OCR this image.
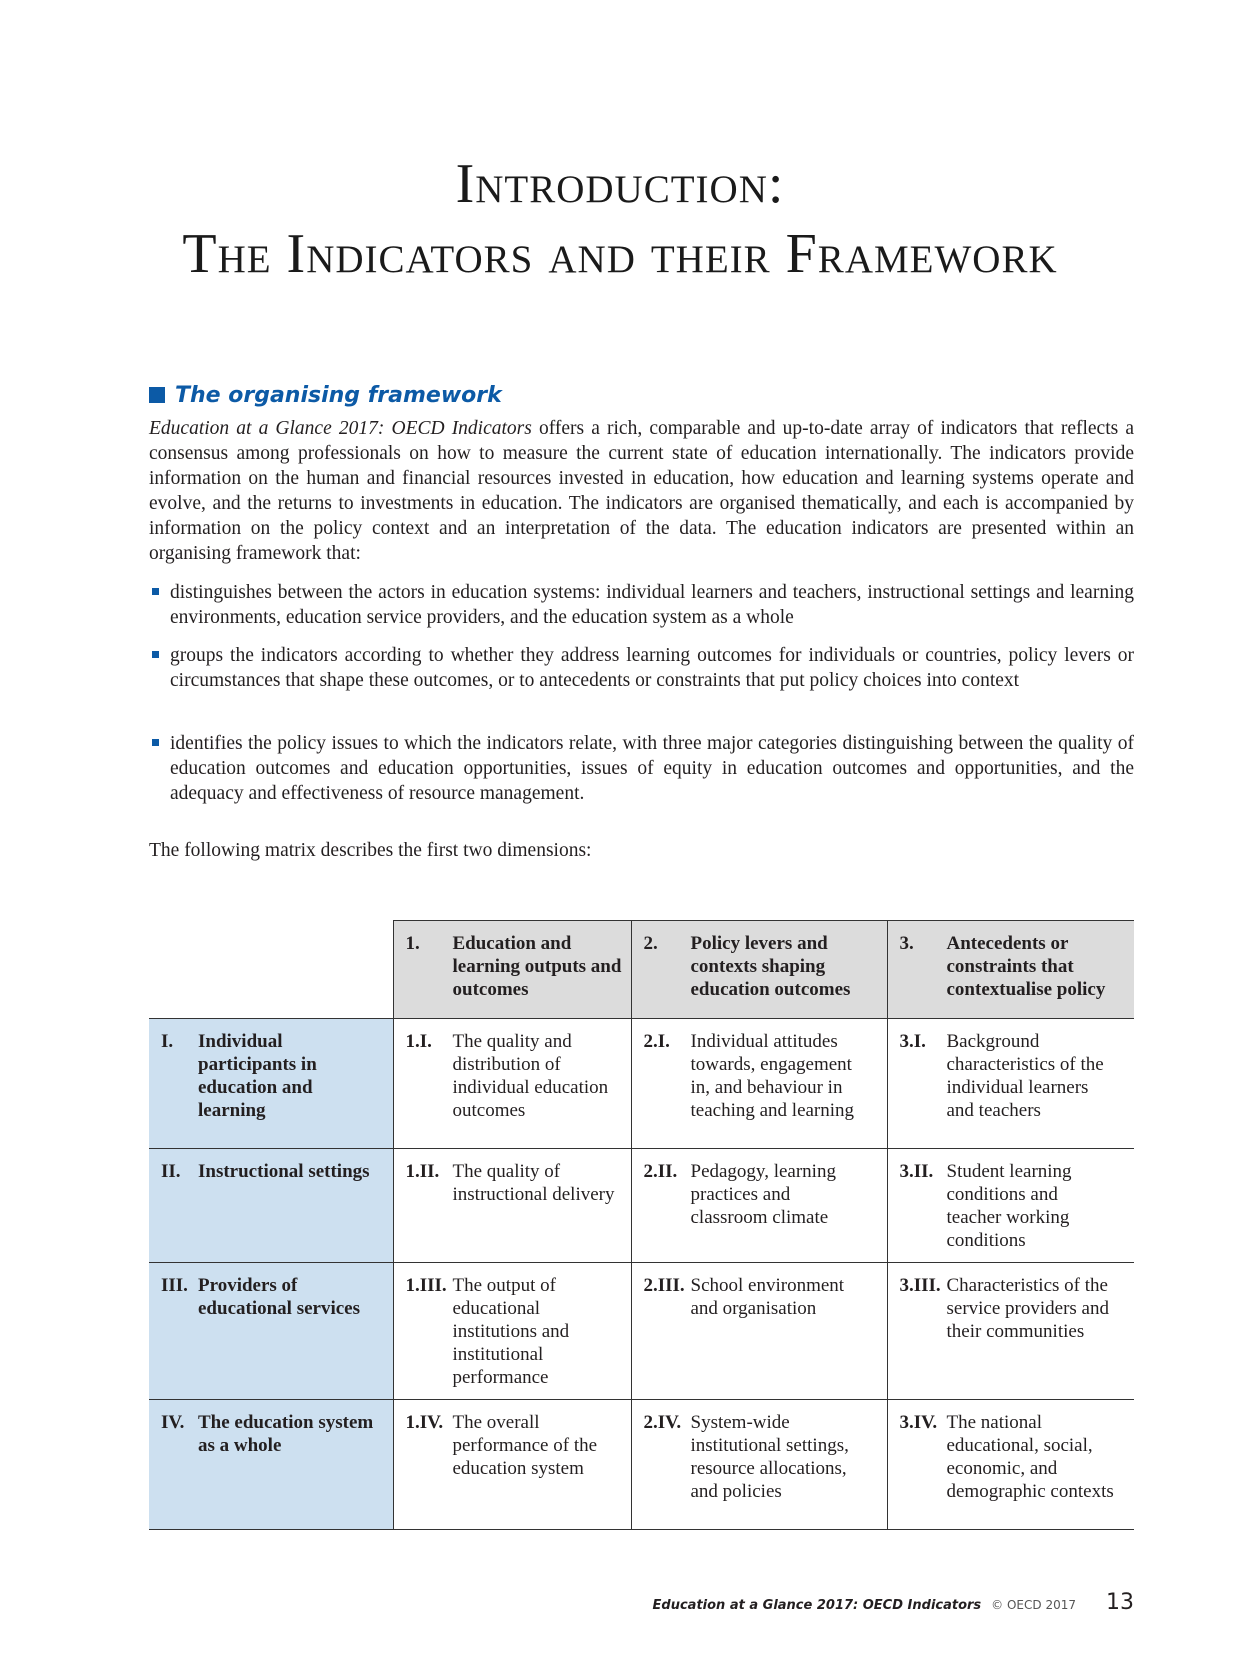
Introduction:
The Indicators and their Framework
The organising framework
Education at a Glance 2017: OECD Indicators offers a rich, comparable and up-to-date array of indicators that reflects a consensus among professionals on how to measure the current state of education internationally. The indicators provide information on the human and financial resources invested in education, how education and learning systems operate and evolve, and the returns to investments in education. The indicators are organised thematically, and each is accompanied by information on the policy context and an interpretation of the data. The education indicators are presented within an organising framework that:
distinguishes between the actors in education systems: individual learners and teachers, instructional settings and learning environments, education service providers, and the education system as a whole
groups the indicators according to whether they address learning outcomes for individuals or countries, policy levers or circumstances that shape these outcomes, or to antecedents or constraints that put policy choices into context
identifies the policy issues to which the indicators relate, with three major categories distinguishing between the quality of education outcomes and education opportunities, issues of equity in education outcomes and opportunities, and the adequacy and effectiveness of resource management.
The following matrix describes the first two dimensions:
	1. Education and learning outputs and outcomes	2. Policy levers and contexts shaping education outcomes	3. Antecedents or constraints that contextualise policy
I. Individual participants in education and learning	1.I. The quality and distribution of individual education outcomes	2.I. Individual attitudes towards, engagement in, and behaviour in teaching and learning	3.I. Background characteristics of the individual learners and teachers
II. Instructional settings	1.II. The quality of instructional delivery	2.II. Pedagogy, learning practices and classroom climate	3.II. Student learning conditions and teacher working conditions
III. Providers of educational services	1.III. The output of educational institutions and institutional performance	2.III. School environment and organisation	3.III. Characteristics of the service providers and their communities
IV. The education system as a whole	1.IV. The overall performance of the education system	2.IV. System-wide institutional settings, resource allocations, and policies	3.IV. The national educational, social, economic, and demographic contexts
Education at a Glance 2017: OECD Indicators © OECD 2017 13
